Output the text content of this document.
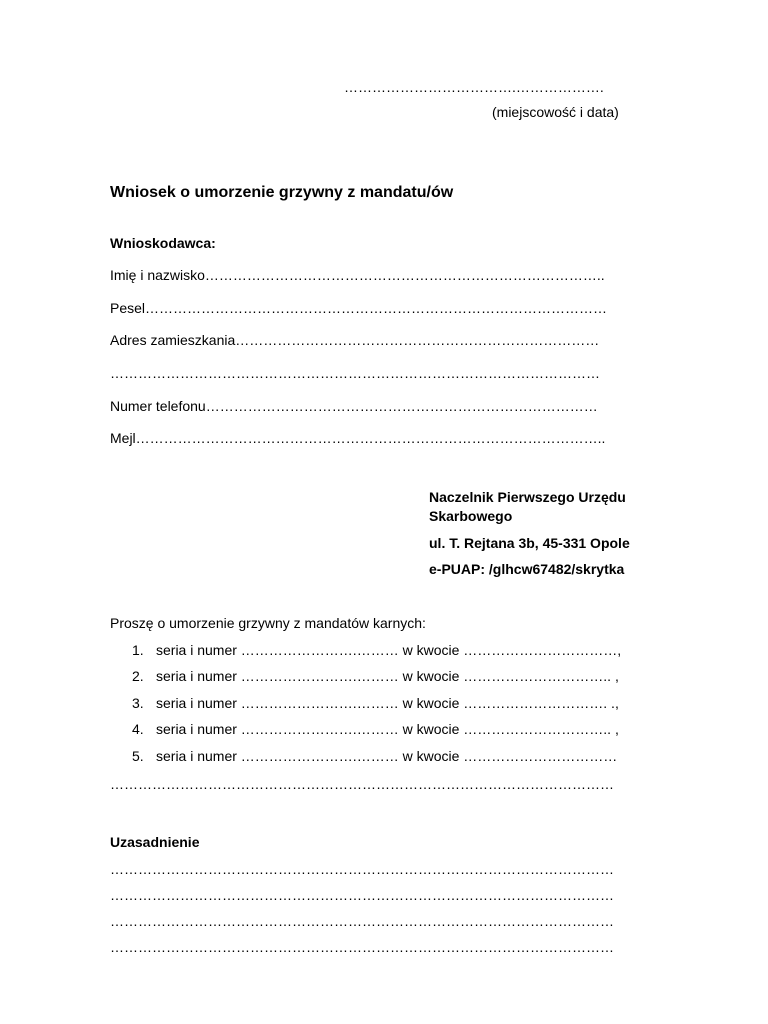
……………………………….……………….
(miejscowość i data)
Wniosek o umorzenie grzywny z mandatu/ów
Wnioskodawca:
Imię i nazwisko…………………………………………………………………………..
Pesel………………………………………………………………………………………
Adres zamieszkania……………………………………………………………………
……………………………………………………………………………………………
Numer telefonu…………………………………………………………………………
Mejl………………………………………………………………………………………..
Naczelnik Pierwszego Urzędu
Skarbowego
ul. T. Rejtana 3b, 45-331 Opole
e-PUAP: /glhcw67482/skrytka
Proszę o umorzenie grzywny z mandatów karnych:
1. seria i numer …………………….……… w kwocie ……………………………,
2. seria i numer …………………….……… w kwocie ………………………….. ,
3. seria i numer …………………….……… w kwocie …………………………. .,
4. seria i numer …………………….……… w kwocie ………………………….. ,
5. seria i numer …………………….……… w kwocie ……………………………
………………………………………………………………………………………………
Uzasadnienie
………………………………………………………………………………………………
………………………………………………………………………………………………
………………………………………………………………………………………………
………………………………………………………………………………………………
